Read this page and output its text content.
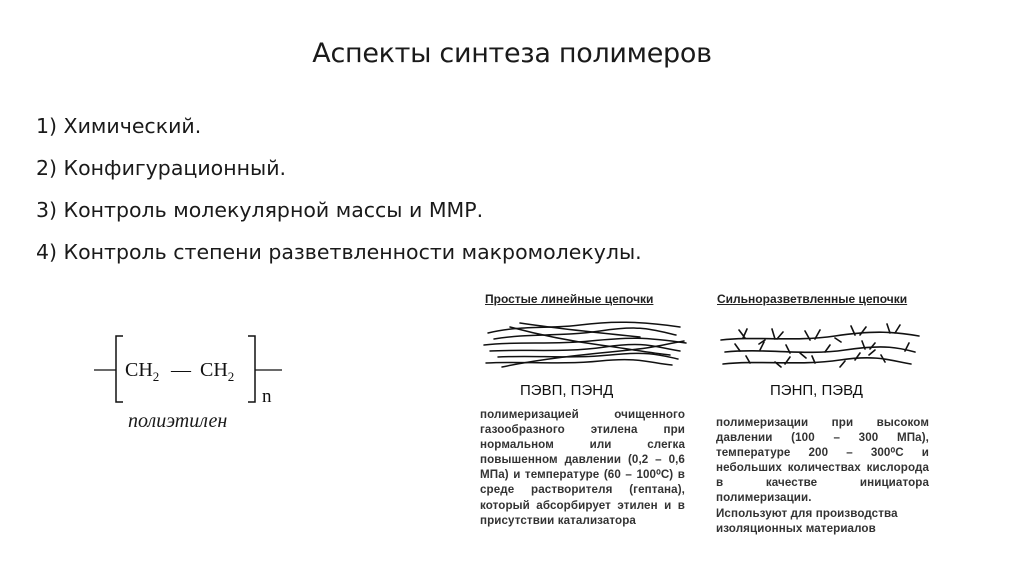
Аспекты синтеза полимеров
1) Химический.
2) Конфигурационный.
3) Контроль молекулярной массы и ММР.
4) Контроль степени разветвленности макромолекулы.
$CH_2$ — $CH_2$
n
полиэтилен
Простые линейные цепочки
ПЭВП, ПЭНД

полимеризацией очищенного газообразного этилена при нормальном или слегка повышенном давлении (0,2 – 0,6 МПа) и температуре (60 – 100⁰С) в среде растворителя (гептана), который абсорбирует этилен и в присутствии катализатора

Сильноразветвленные цепочки
ПЭНП, ПЭВД

полимеризации при высоком давлении (100 – 300 МПа), температуре 200 – 300⁰С и небольших количествах кислорода в качестве инициатора полимеризации.

Используют для производства изоляционных материалов
